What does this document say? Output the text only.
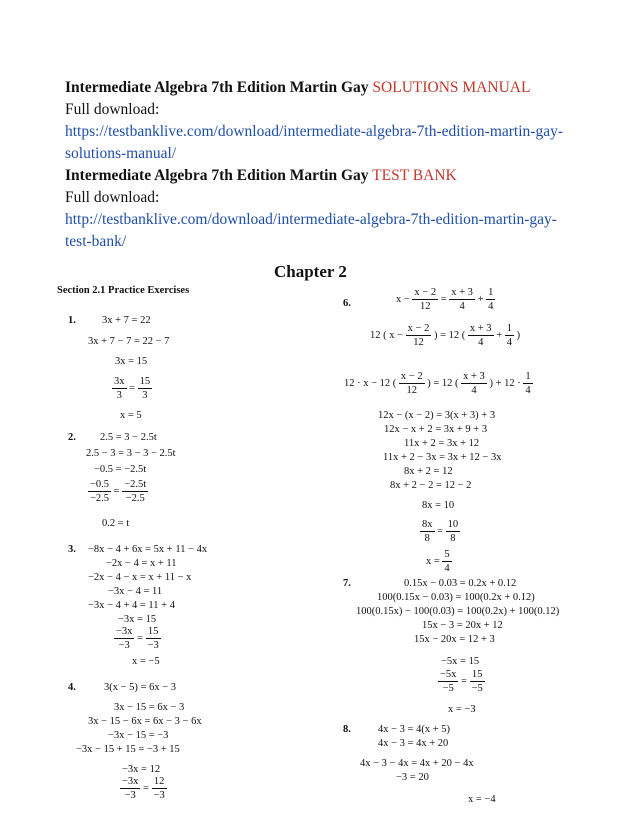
Intermediate Algebra 7th Edition Martin Gay SOLUTIONS MANUAL
Full download:
https://testbanklive.com/download/intermediate-algebra-7th-edition-martin-gay-
solutions-manual/
Intermediate Algebra 7th Edition Martin Gay TEST BANK
Full download:
http://testbanklive.com/download/intermediate-algebra-7th-edition-martin-gay-
test-bank/
Chapter 2
Section 2.1 Practice Exercises
1. 3x + 7 = 22
3x + 7 − 7 = 22 − 7
3x = 15
$\frac{3x}{3} = \frac{15}{3}$
x = 5
2. 2.5 = 3 − 2.5t
2.5 − 3 = 3 − 3 − 2.5t
−0.5 = −2.5t
$\frac{-0.5}{-2.5} = \frac{-2.5t}{-2.5}$
0.2 = t
3. −8x − 4 + 6x = 5x + 11 − 4x
−2x − 4 = x + 11
−2x − 4 − x = x + 11 − x
−3x − 4 = 11
−3x − 4 + 4 = 11 + 4
−3x = 15
$\frac{-3x}{-3} = \frac{15}{-3}$
x = −5
4.	3(x − 5) = 6x − 3
3x − 15 = 6x − 3
3x − 15 − 6x = 6x − 3 − 6x
−3x − 15 = −3
−3x − 15 + 15 = −3 + 15
−3x = 12
$\frac{-3x}{-3} = \frac{12}{-3}$
6.	$x - \frac{x - 2}{12} = \frac{x + 3}{4} + \frac{1}{4}$
12 ( $x - \frac{x - 2}{12}$ ) = 12 ( $\frac{x + 3}{4} + \frac{1}{4}$ )
12 · x − 12 ( $\frac{x - 2}{12}$ ) = 12 ( $\frac{x + 3}{4}$ ) + $12 \cdot \frac{1}{4}$
12x − (x − 2) = 3(x + 3) + 3
12x − x + 2 = 3x + 9 + 3
11x + 2 = 3x + 12
11x + 2 − 3x = 3x + 12 − 3x
8x + 2 = 12
8x + 2 − 2 = 12 − 2
8x = 10
$\frac{8x}{8} = \frac{10}{8}$
$x = \frac{5}{4}$
7.	0.15x − 0.03 = 0.2x + 0.12
100(0.15x − 0.03) = 100(0.2x + 0.12)
100(0.15x) − 100(0.03) = 100(0.2x) + 100(0.12)
15x − 3 = 20x + 12
15x − 20x = 12 + 3
−5x = 15
$\frac{-5x}{-5} = \frac{15}{-5}$
x = −3
8.	4x − 3 = 4(x + 5)
4x − 3 = 4x + 20
4x − 3 − 4x = 4x + 20 − 4x
−3 = 20
x = −4
